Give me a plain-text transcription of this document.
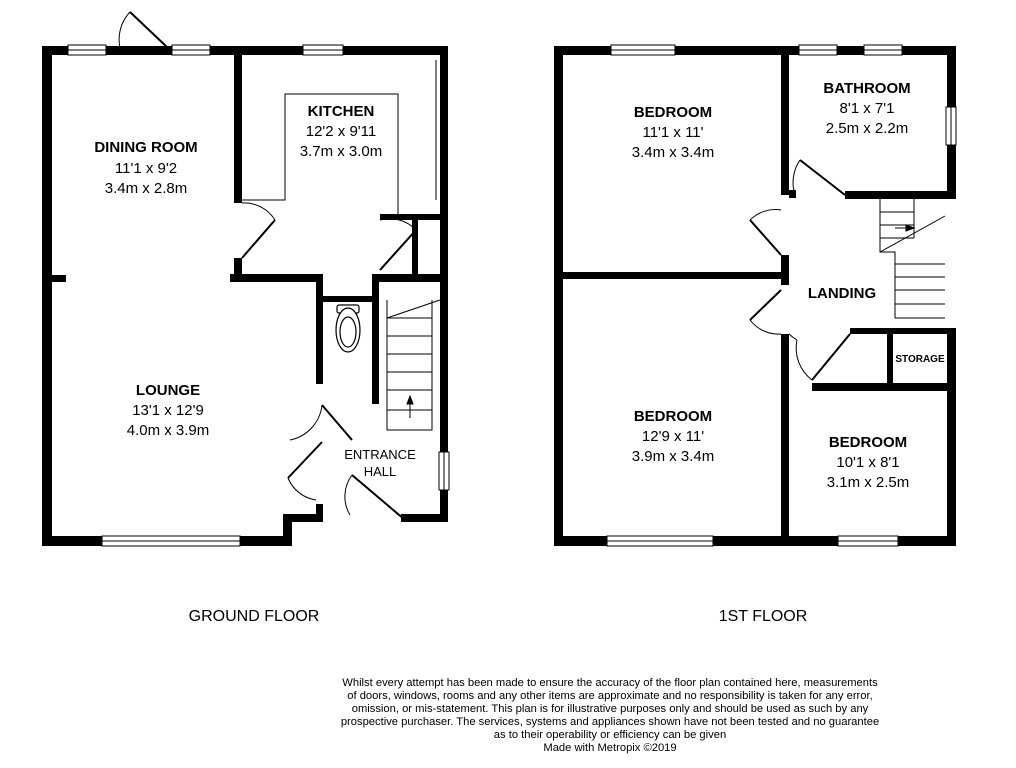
DINING ROOM
11'1 x 9'2
3.4m x 2.8m
KITCHEN
12'2 x 9'11
3.7m x 3.0m
LOUNGE
13'1 x 12'9
4.0m x 3.9m
ENTRANCE
HALL
BEDROOM
11'1 x 11'
3.4m x 3.4m
BATHROOM
8'1 x 7'1
2.5m x 2.2m
LANDING
STORAGE
BEDROOM
12'9 x 11'
3.9m x 3.4m
BEDROOM
10'1 x 8'1
3.1m x 2.5m
GROUND FLOOR	1ST FLOOR
Whilst every attempt has been made to ensure the accuracy of the floor plan contained here, measurements
of doors, windows, rooms and any other items are approximate and no responsibility is taken for any error,
omission, or mis-statement. This plan is for illustrative purposes only and should be used as such by any
prospective purchaser. The services, systems and appliances shown have not been tested and no guarantee
as to their operability or efficiency can be given
Made with Metropix ©2019
